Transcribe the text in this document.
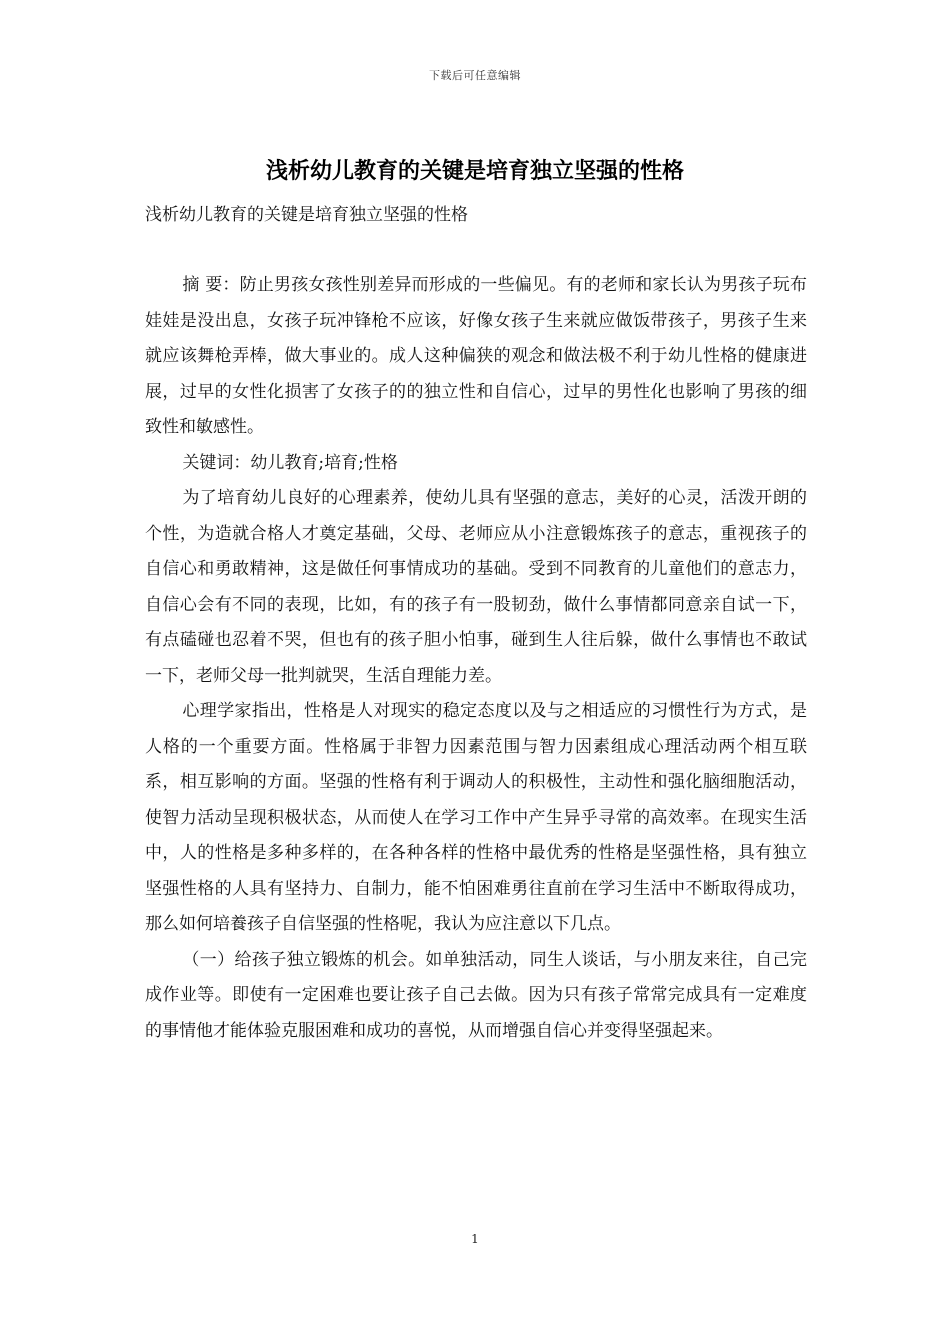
下载后可任意编辑
浅析幼儿教育的关键是培育独立坚强的性格
浅析幼儿教育的关键是培育独立坚强的性格

摘 要：防止男孩女孩性别差异而形成的一些偏见。有的老师和家长认为男孩子玩布娃娃是没出息，女孩子玩冲锋枪不应该，好像女孩子生来就应做饭带孩子，男孩子生来就应该舞枪弄棒，做大事业的。成人这种偏狭的观念和做法极不利于幼儿性格的健康进展，过早的女性化损害了女孩子的的独立性和自信心，过早的男性化也影响了男孩的细致性和敏感性。

关键词：幼儿教育;培育;性格

为了培育幼儿良好的心理素养，使幼儿具有坚强的意志，美好的心灵，活泼开朗的个性，为造就合格人才奠定基础，父母、老师应从小注意锻炼孩子的意志，重视孩子的自信心和勇敢精神，这是做任何事情成功的基础。受到不同教育的儿童他们的意志力，自信心会有不同的表现，比如，有的孩子有一股韧劲，做什么事情都同意亲自试一下，有点磕碰也忍着不哭，但也有的孩子胆小怕事，碰到生人往后躲，做什么事情也不敢试一下，老师父母一批判就哭，生活自理能力差。

心理学家指出，性格是人对现实的稳定态度以及与之相适应的习惯性行为方式，是人格的一个重要方面。性格属于非智力因素范围与智力因素组成心理活动两个相互联系，相互影响的方面。坚强的性格有利于调动人的积极性，主动性和强化脑细胞活动，使智力活动呈现积极状态，从而使人在学习工作中产生异乎寻常的高效率。在现实生活中，人的性格是多种多样的，在各种各样的性格中最优秀的性格是坚强性格，具有独立坚强性格的人具有坚持力、自制力，能不怕困难勇往直前在学习生活中不断取得成功，那么如何培養孩子自信坚强的性格呢，我认为应注意以下几点。

（一）给孩子独立锻炼的机会。如单独活动，同生人谈话，与小朋友来往，自己完成作业等。即使有一定困难也要让孩子自己去做。因为只有孩子常常完成具有一定难度的事情他才能体验克服困难和成功的喜悦，从而增强自信心并变得坚强起来。

1
